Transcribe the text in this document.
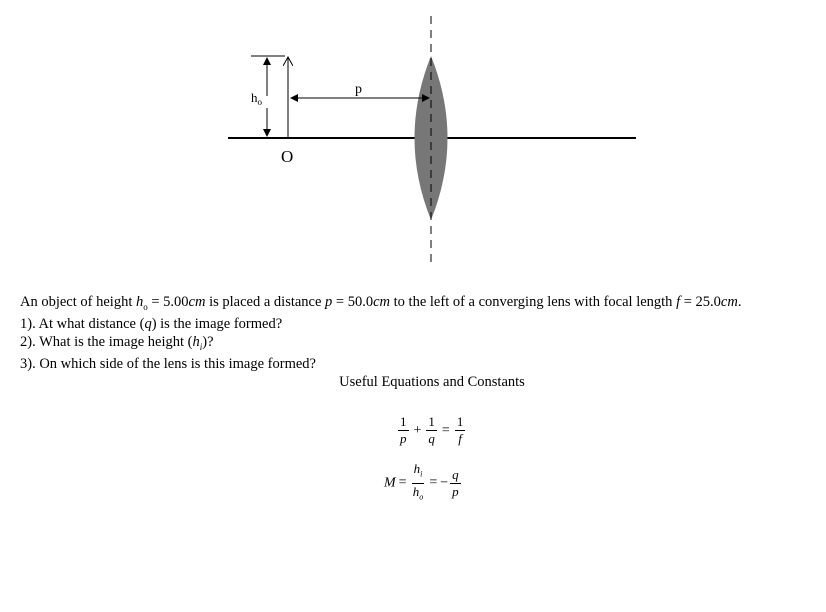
$h_o$
p
O

An object of height $h_o = 5.00cm$ is placed a distance p = 50.0cm to the left of a converging lens with focal length f = 25.0cm.

1). At what distance (q) is the image formed?

2). What is the image height $(h_i)$?

3). On which side of the lens is this image formed?

Useful Equations and Constants
$\frac{1}{p} + \frac{1}{q} = \frac{1}{f}$
$M = \frac{h_i}{h_o}$ = − $\frac{q}{p}$
